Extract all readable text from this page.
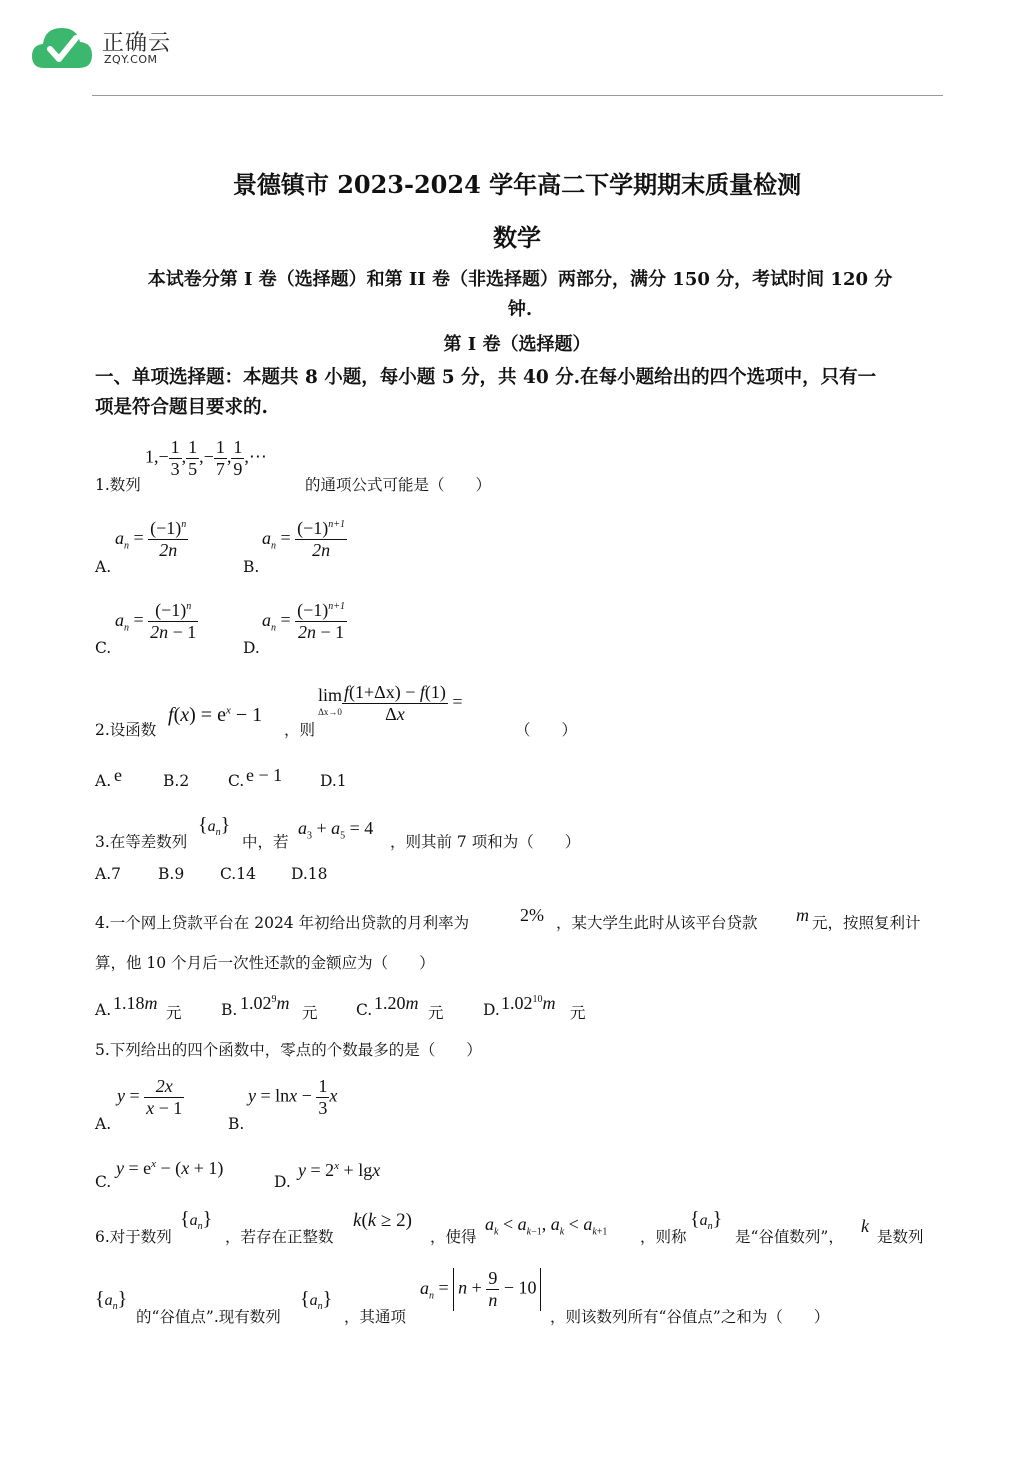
正确云
ZQY.COM
景德镇市 2023-2024 学年高二下学期期末质量检测
数学
本试卷分第 I 卷（选择题）和第 II 卷（非选择题）两部分，满分 150 分，考试时间 120 分
钟.
第 I 卷（选择题）
一、单项选择题：本题共 8 小题，每小题 5 分，共 40 分.在每小题给出的四个选项中，只有一
项是符合题目要求的.
1.数列
$1,- \frac{1}{3}$ , $\frac{1}{5}$ ,− $\frac{1}{7}$ , $\frac{1}{9}$ ,⋯
的通项公式可能是（　　）
A.
$a_n = \frac{(-1)^n}{2n}$
B.
$a_n = \frac{(-1)^{n+1}}{2n}$
C.
$a_n = \frac{(-1)^n}{2n - 1}$
D.
$a_n = \frac{(-1)^{n+1}}{2n - 1}$
2.设函数
$f(x) = e^x - 1$
，则
lim
$\Delta x\to 0 \frac{f(1+\Delta x) - f(1)}{\Delta x}$ =
（　　）
A. e	B.2	C. e − 1 D.1
3.在等差数列
$\{a_n\}$
中，若
$a_3 + a_5 = 4$
，则其前 7 项和为（　　）
A.7 B.9 C.14 D.18
4.一个网上贷款平台在 2024 年初给出贷款的月利率为	2% ，某大学生此时从该平台贷款 m 元，按照复利计
算，他 10 个月后一次性还款的金额应为（　　）
A. 1.18m 元	B. 1.02$^9$m 元 C. 1.20m 元	D. 1.02$^{10}$m 元
5.下列给出的四个函数中，零点的个数最多的是（　　）
A.
$y = \frac{2x}{x - 1}$
B.
$y = \ln x - \frac{1}{3}$ x
C.
$y = e^x - (x + 1)$
D.
$y = 2^x + \lg x$
6.对于数列
$\{a_n\}$
，若存在正整数
k(k ≥ 2)
，使得
$a_k < a_{k-1}$, $a_k < a_{k+1}$ ，则称
$\{a_n\}$
是“谷值数列”，
k
是数列
$\{a_n\}$
的“谷值点”.现有数列
$\{a_n\}$
，其通项
$a_n = n + \frac{9}{n} - 10$
，则该数列所有“谷值点”之和为（　　）
